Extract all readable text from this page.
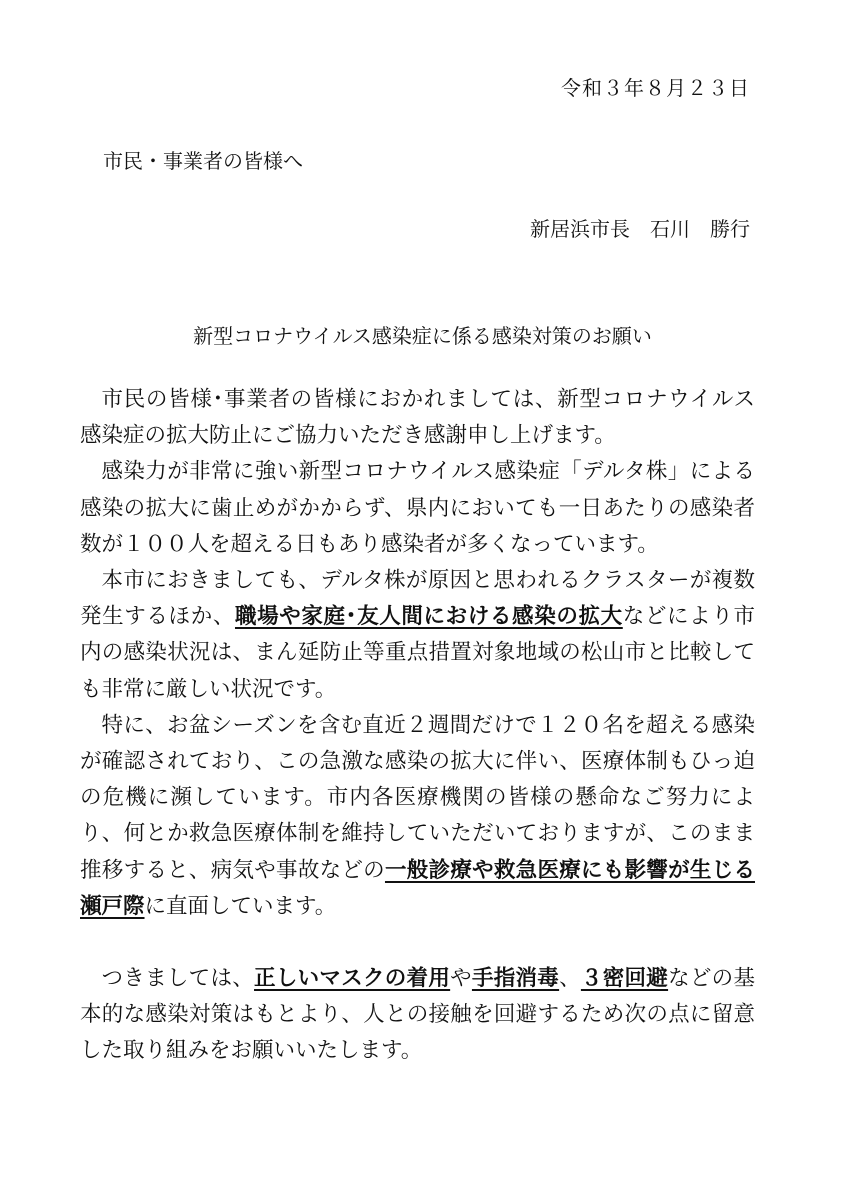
令和３年８月２３日
市民・事業者の皆様へ
新居浜市長　石川　勝行
新型コロナウイルス感染症に係る感染対策のお願い

市民の皆様･事業者の皆様におかれましては、新型コロナウイルス感染症の拡大防止にご協力いただき感謝申し上げます。

感染力が非常に強い新型コロナウイルス感染症「デルタ株」による感染の拡大に歯止めがかからず、県内においても一日あたりの感染者数が１００人を超える日もあり感染者が多くなっています。

本市におきましても、デルタ株が原因と思われるクラスターが複数発生するほか、職場や家庭･友人間における感染の拡大などにより市内の感染状況は、まん延防止等重点措置対象地域の松山市と比較しても非常に厳しい状況です。

特に、お盆シーズンを含む直近２週間だけで１２０名を超える感染が確認されており、この急激な感染の拡大に伴い、医療体制もひっ迫の危機に瀕しています。市内各医療機関の皆様の懸命なご努力により、何とか救急医療体制を維持していただいておりますが、このまま推移すると、病気や事故などの一般診療や救急医療にも影響が生じる瀬戸際に直面しています。

つきましては、正しいマスクの着用や手指消毒、３密回避などの基本的な感染対策はもとより、人との接触を回避するため次の点に留意した取り組みをお願いいたします。
